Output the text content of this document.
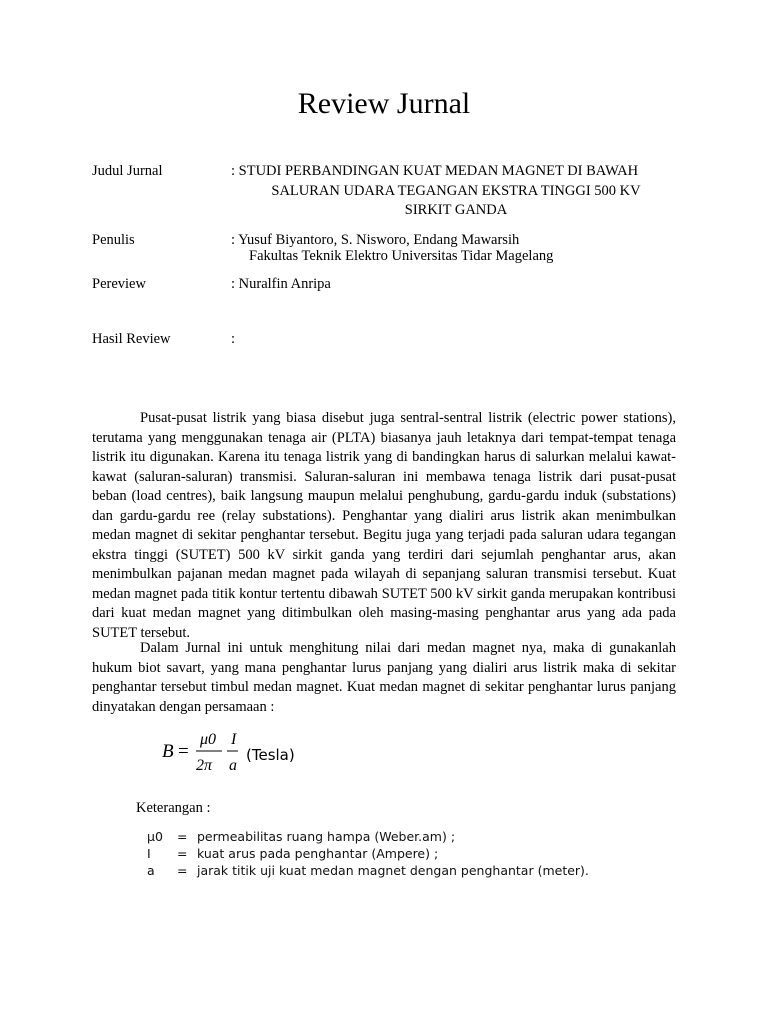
Review Jurnal
Judul Jurnal	: STUDI PERBANDINGAN KUAT MEDAN MAGNET DI BAWAH
SALURAN UDARA TEGANGAN EKSTRA TINGGI 500 KV
SIRKIT GANDA
Penulis	: Yusuf Biyantoro, S. Nisworo, Endang Mawarsih
Fakultas Teknik Elektro Universitas Tidar Magelang
Pereview	: Nuralfin Anripa
Hasil Review	:

Pusat-pusat listrik yang biasa disebut juga sentral-sentral listrik (electric power stations), terutama yang menggunakan tenaga air (PLTA) biasanya jauh letaknya dari tempat-tempat tenaga listrik itu digunakan. Karena itu tenaga listrik yang di bandingkan harus di salurkan melalui kawat-kawat (saluran-saluran) transmisi. Saluran-saluran ini membawa tenaga listrik dari pusat-pusat beban (load centres), baik langsung maupun melalui penghubung, gardu-gardu induk (substations) dan gardu-gardu ree (relay substations). Penghantar yang dialiri arus listrik akan menimbulkan medan magnet di sekitar penghantar tersebut. Begitu juga yang terjadi pada saluran udara tegangan ekstra tinggi (SUTET) 500 kV sirkit ganda yang terdiri dari sejumlah penghantar arus, akan menimbulkan pajanan medan magnet pada wilayah di sepanjang saluran transmisi tersebut. Kuat medan magnet pada titik kontur tertentu dibawah SUTET 500 kV sirkit ganda merupakan kontribusi dari kuat medan magnet yang ditimbulkan oleh masing-masing penghantar arus yang ada pada SUTET tersebut.

Dalam Jurnal ini untuk menghitung nilai dari medan magnet nya, maka di gunakanlah hukum biot savart, yang mana penghantar lurus panjang yang dialiri arus listrik maka di sekitar penghantar tersebut timbul medan magnet. Kuat medan magnet di sekitar penghantar lurus panjang dinyatakan dengan persamaan :

B =
μ0
2π
I
a
(Tesla)
Keterangan :
μ0 = permeabilitas ruang hampa (Weber.am) ;
I = kuat arus pada penghantar (Ampere) ;
a = jarak titik uji kuat medan magnet dengan penghantar (meter).
